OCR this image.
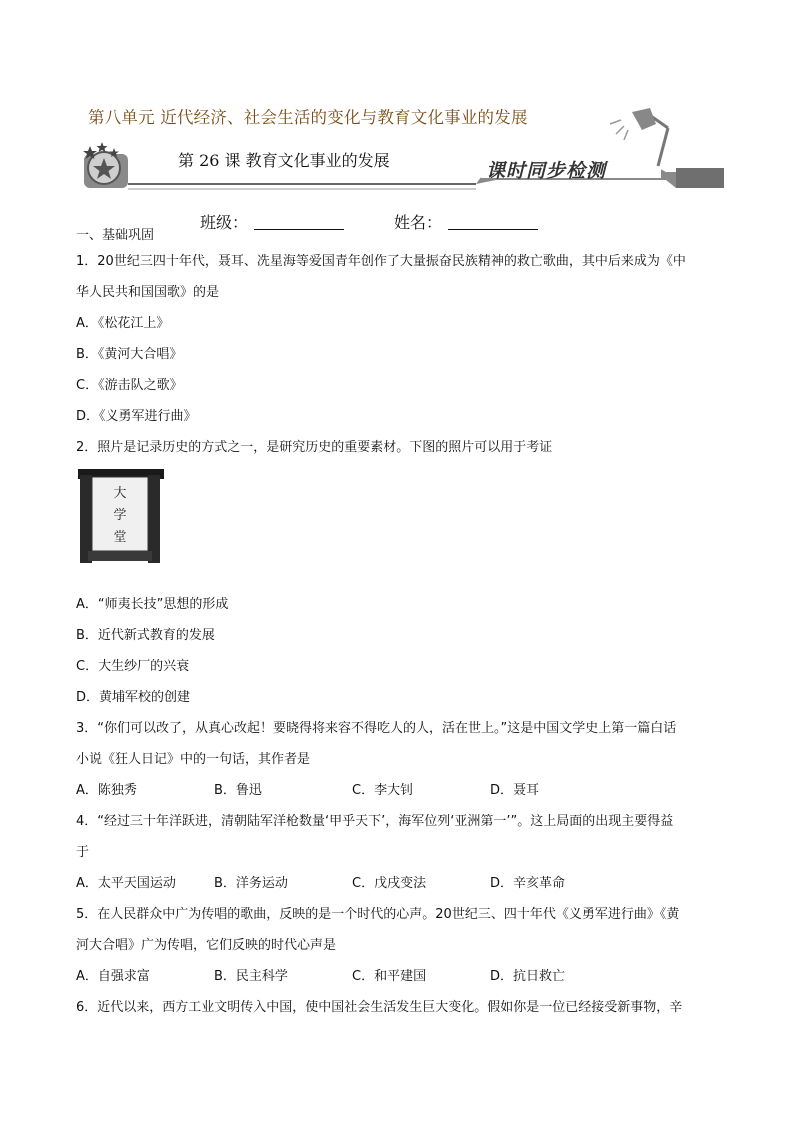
第八单元 近代经济、社会生活的变化与教育文化事业的发展
第 26 课 教育文化事业的发展	课时同步检测
班级：	姓名：
一、基础巩固

1．20世纪三四十年代，聂耳、冼星海等爱国青年创作了大量振奋民族精神的救亡歌曲，其中后来成为《中

华人民共和国国歌》的是

A．《松花江上》

B．《黄河大合唱》

C．《游击队之歌》

D．《义勇军进行曲》

2．照片是记录历史的方式之一，是研究历史的重要素材。下图的照片可以用于考证

大
学
堂

A．“师夷长技”思想的形成

B．近代新式教育的发展

C．大生纱厂的兴衰

D．黄埔军校的创建

3．“你们可以改了，从真心改起！要晓得将来容不得吃人的人，活在世上。”这是中国文学史上第一篇白话

小说《狂人日记》中的一句话，其作者是

A．陈独秀	B．鲁迅	C．李大钊	D．聂耳

4．“经过三十年洋跃进，清朝陆军洋枪数量‘甲乎天下’，海军位列‘亚洲第一’”。这上局面的出现主要得益

于

A．太平天国运动	B．洋务运动	C．戊戌变法	D．辛亥革命

5．在人民群众中广为传唱的歌曲，反映的是一个时代的心声。20世纪三、四十年代《义勇军进行曲》《黄

河大合唱》广为传唱，它们反映的时代心声是

A．自强求富	B．民主科学	C．和平建国	D．抗日救亡

6．近代以来，西方工业文明传入中国，使中国社会生活发生巨大变化。假如你是一位已经接受新事物，辛
